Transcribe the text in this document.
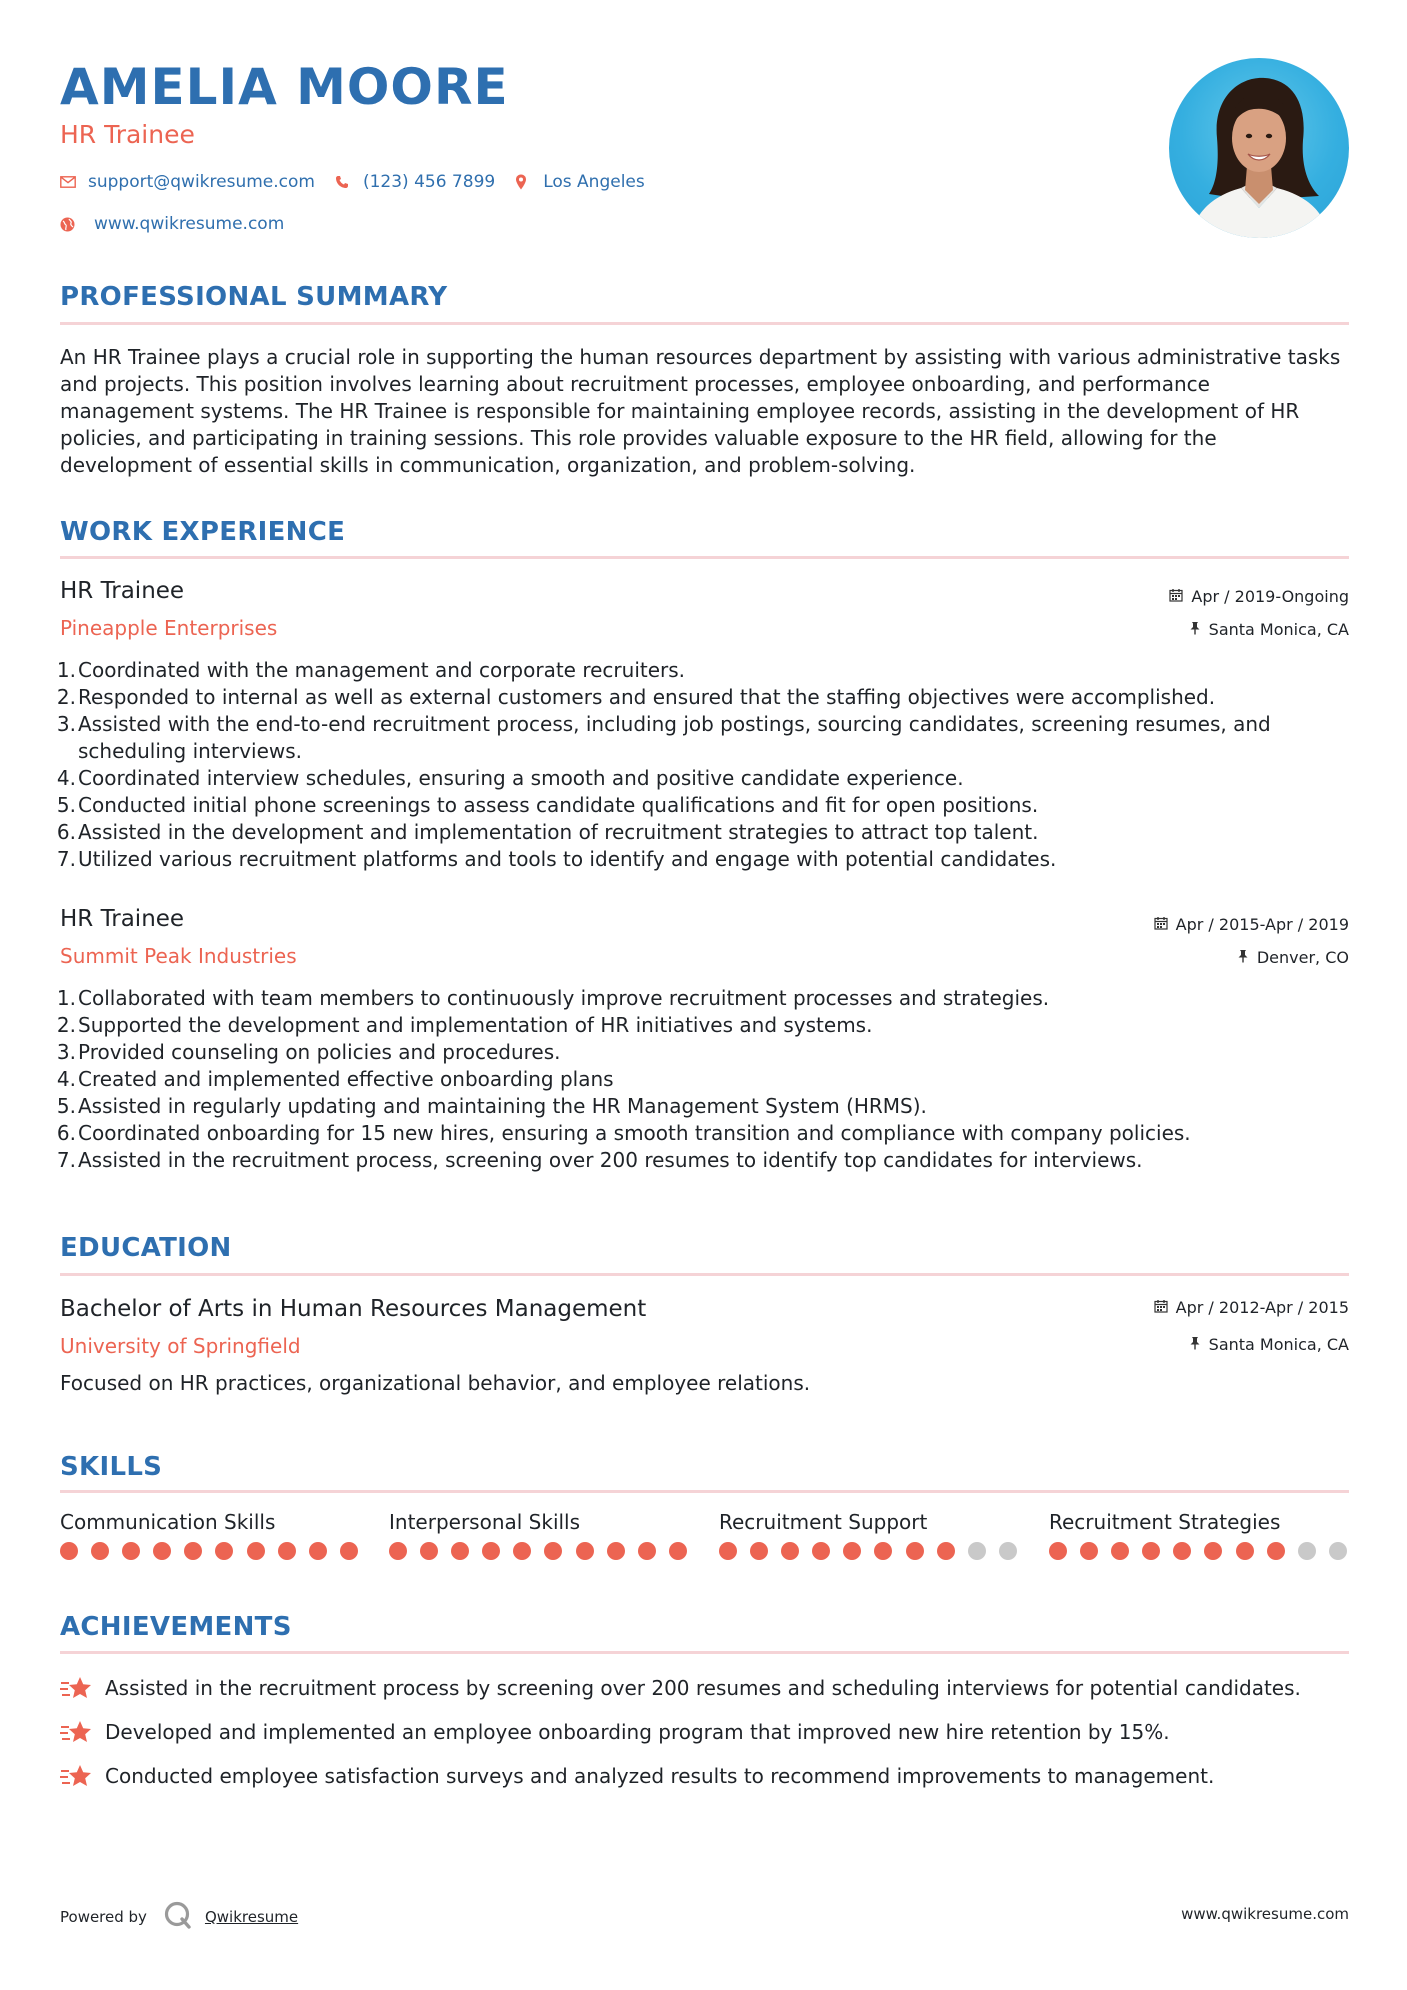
AMELIA MOORE
HR Trainee
support@qwikresume.com	(123) 456 7899	Los Angeles
www.qwikresume.com
PROFESSIONAL SUMMARY
An HR Trainee plays a crucial role in supporting the human resources department by assisting with various administrative tasks and projects. This position involves learning about recruitment processes, employee onboarding, and performance management systems. The HR Trainee is responsible for maintaining employee records, assisting in the development of HR policies, and participating in training sessions. This role provides valuable exposure to the HR field, allowing for the development of essential skills in communication, organization, and problem-solving.
WORK EXPERIENCE
HR Trainee
Pineapple Enterprises
Apr / 2019-Ongoing
Santa Monica, CA
1. Coordinated with the management and corporate recruiters.
2. Responded to internal as well as external customers and ensured that the staffing objectives were accomplished.
3. Assisted with the end-to-end recruitment process, including job postings, sourcing candidates, screening resumes, and scheduling interviews.
4. Coordinated interview schedules, ensuring a smooth and positive candidate experience.
5. Conducted initial phone screenings to assess candidate qualifications and fit for open positions.
6. Assisted in the development and implementation of recruitment strategies to attract top talent.
7. Utilized various recruitment platforms and tools to identify and engage with potential candidates.
HR Trainee
Summit Peak Industries
Apr / 2015-Apr / 2019
Denver, CO
1. Collaborated with team members to continuously improve recruitment processes and strategies.
2. Supported the development and implementation of HR initiatives and systems.
3. Provided counseling on policies and procedures.
4. Created and implemented effective onboarding plans
5. Assisted in regularly updating and maintaining the HR Management System (HRMS).
6. Coordinated onboarding for 15 new hires, ensuring a smooth transition and compliance with company policies.
7. Assisted in the recruitment process, screening over 200 resumes to identify top candidates for interviews.
EDUCATION
Bachelor of Arts in Human Resources Management
University of Springfield
Apr / 2012-Apr / 2015
Santa Monica, CA
Focused on HR practices, organizational behavior, and employee relations.
SKILLS
Communication Skills	Interpersonal Skills	Recruitment Support	Recruitment Strategies
ACHIEVEMENTS
Assisted in the recruitment process by screening over 200 resumes and scheduling interviews for potential candidates.
Developed and implemented an employee onboarding program that improved new hire retention by 15%.
Conducted employee satisfaction surveys and analyzed results to recommend improvements to management.
Powered by	Qwikresume	www.qwikresume.com
